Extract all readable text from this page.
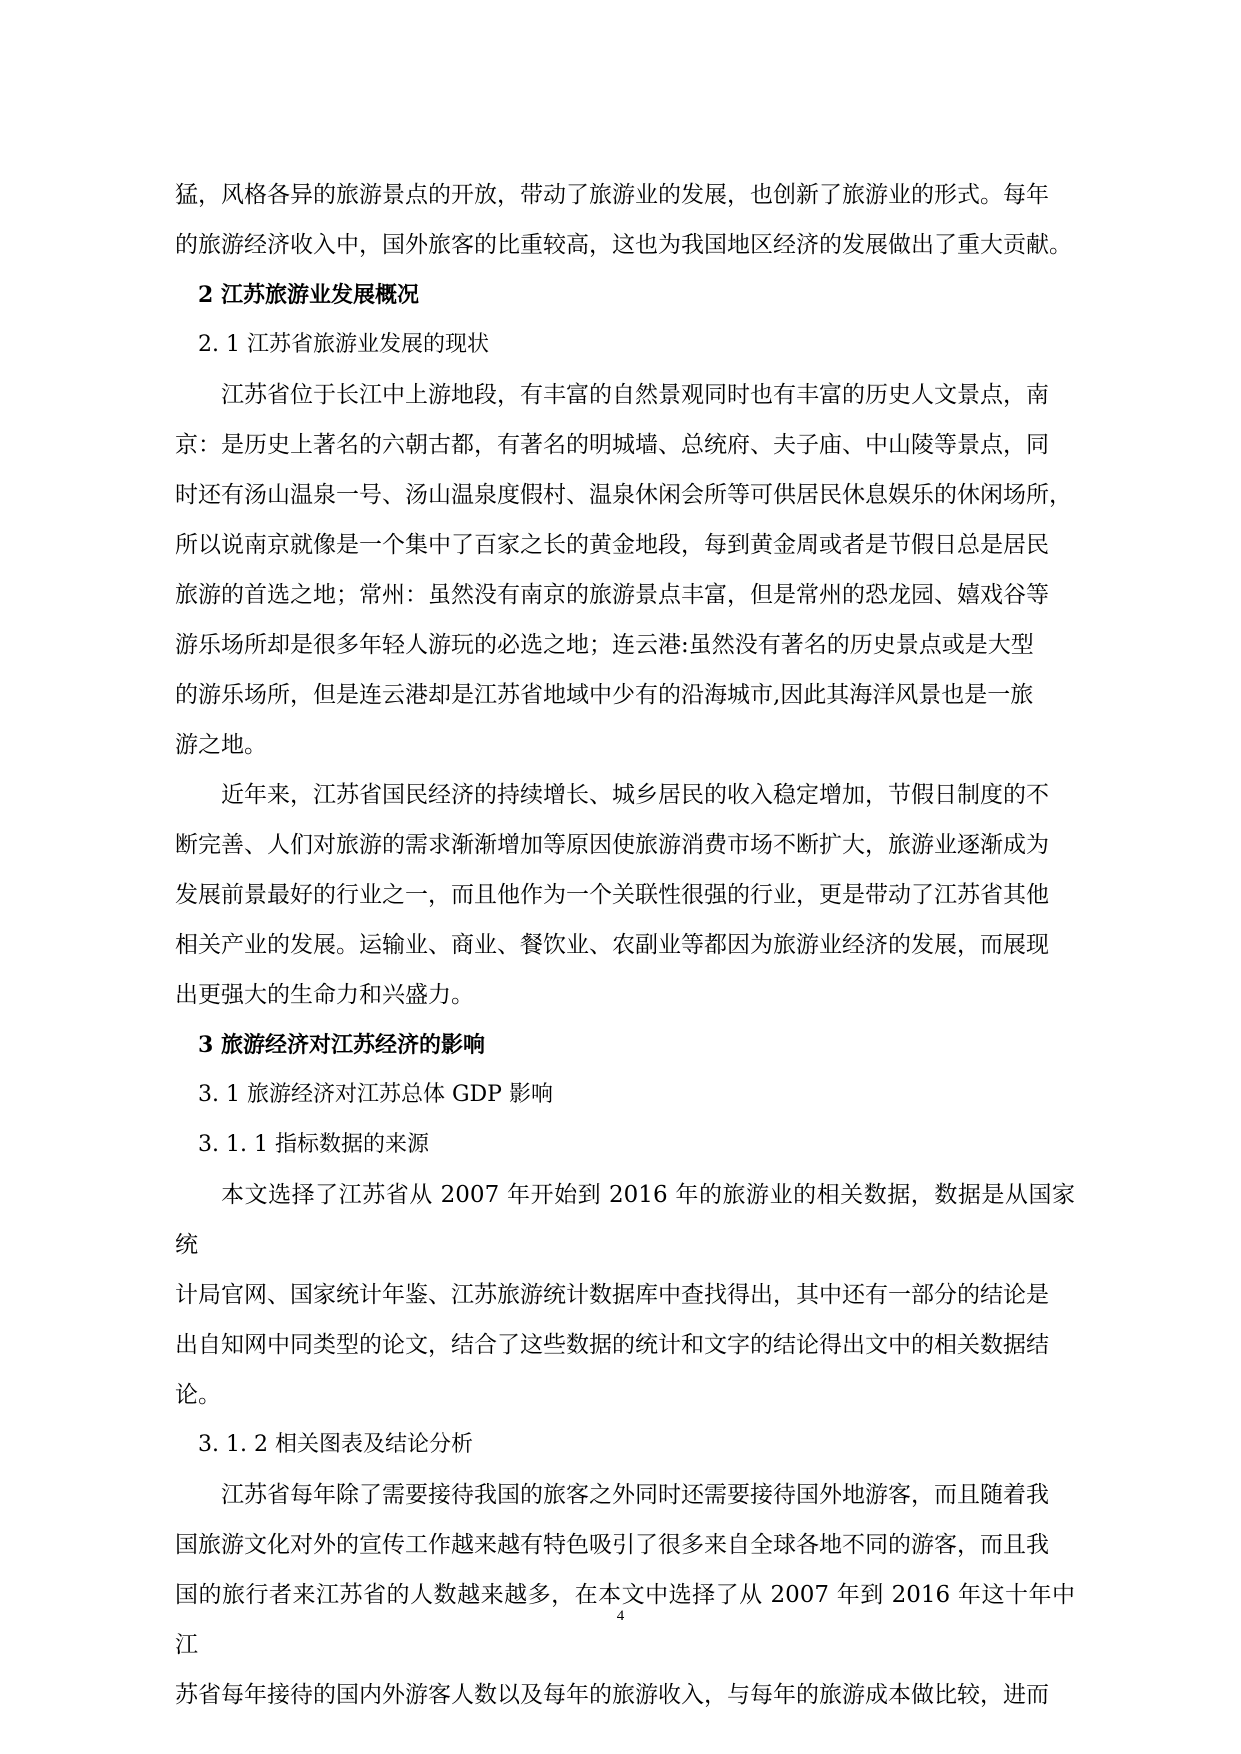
猛，风格各异的旅游景点的开放，带动了旅游业的发展，也创新了旅游业的形式。每年
的旅游经济收入中，国外旅客的比重较高，这也为我国地区经济的发展做出了重大贡献。
2 江苏旅游业发展概况
2. 1 江苏省旅游业发展的现状
江苏省位于长江中上游地段，有丰富的自然景观同时也有丰富的历史人文景点，南
京：是历史上著名的六朝古都，有著名的明城墙、总统府、夫子庙、中山陵等景点，同
时还有汤山温泉一号、汤山温泉度假村、温泉休闲会所等可供居民休息娱乐的休闲场所，
所以说南京就像是一个集中了百家之长的黄金地段，每到黄金周或者是节假日总是居民
旅游的首选之地；常州：虽然没有南京的旅游景点丰富，但是常州的恐龙园、嬉戏谷等
游乐场所却是很多年轻人游玩的必选之地；连云港:虽然没有著名的历史景点或是大型
的游乐场所，但是连云港却是江苏省地域中少有的沿海城市,因此其海洋风景也是一旅
游之地。
近年来，江苏省国民经济的持续增长、城乡居民的收入稳定增加，节假日制度的不
断完善、人们对旅游的需求渐渐增加等原因使旅游消费市场不断扩大，旅游业逐渐成为
发展前景最好的行业之一，而且他作为一个关联性很强的行业，更是带动了江苏省其他
相关产业的发展。运输业、商业、餐饮业、农副业等都因为旅游业经济的发展，而展现
出更强大的生命力和兴盛力。
3 旅游经济对江苏经济的影响
3. 1 旅游经济对江苏总体 GDP 影响
3. 1. 1 指标数据的来源
本文选择了江苏省从 2007 年开始到 2016 年的旅游业的相关数据，数据是从国家统
计局官网、国家统计年鉴、江苏旅游统计数据库中查找得出，其中还有一部分的结论是
出自知网中同类型的论文，结合了这些数据的统计和文字的结论得出文中的相关数据结
论。
3. 1. 2 相关图表及结论分析
江苏省每年除了需要接待我国的旅客之外同时还需要接待国外地游客，而且随着我
国旅游文化对外的宣传工作越来越有特色吸引了很多来自全球各地不同的游客，而且我
国的旅行者来江苏省的人数越来越多，在本文中选择了从 2007 年到 2016 年这十年中江
苏省每年接待的国内外游客人数以及每年的旅游收入，与每年的旅游成本做比较，进而
4
